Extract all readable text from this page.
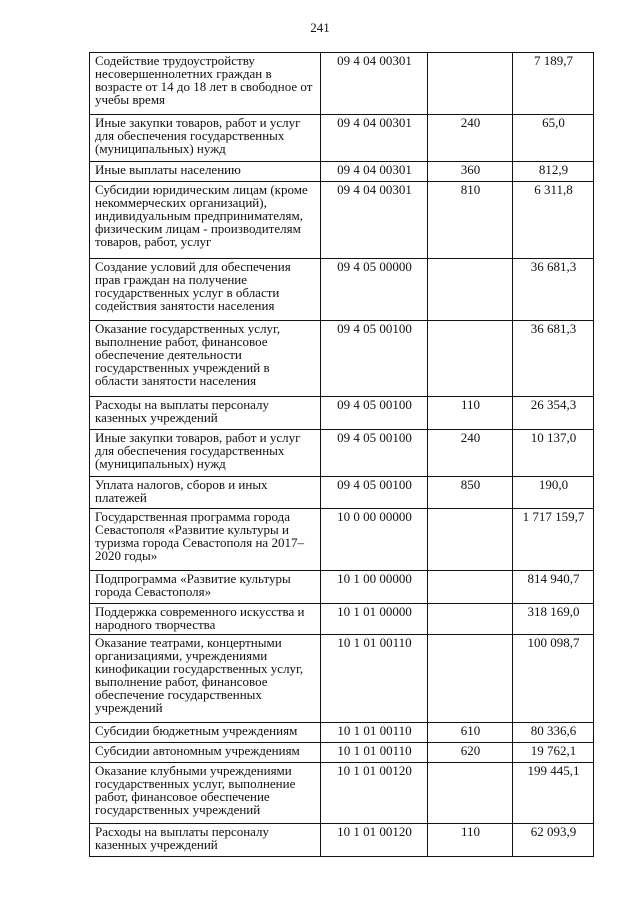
241
Содействие трудоустройству несовершеннолетних граждан в возрасте от 14 до 18 лет в свободное от учебы время	09 4 04 00301		7 189,7
Иные закупки товаров, работ и услуг для обеспечения государственных (муниципальных) нужд	09 4 04 00301	240	65,0
Иные выплаты населению	09 4 04 00301	360	812,9
Субсидии юридическим лицам (кроме некоммерческих организаций), индивидуальным предпринимателям, физическим лицам - производителям товаров, работ, услуг	09 4 04 00301	810	6 311,8
Создание условий для обеспечения прав граждан на получение государственных услуг в области содействия занятости населения	09 4 05 00000		36 681,3
Оказание государственных услуг, выполнение работ, финансовое обеспечение деятельности государственных учреждений в области занятости населения	09 4 05 00100		36 681,3
Расходы на выплаты персоналу казенных учреждений	09 4 05 00100	110	26 354,3
Иные закупки товаров, работ и услуг для обеспечения государственных (муниципальных) нужд	09 4 05 00100	240	10 137,0
Уплата налогов, сборов и иных платежей	09 4 05 00100	850	190,0
Государственная программа города Севастополя «Развитие культуры и туризма города Севастополя на 2017–2020 годы»	10 0 00 00000		1 717 159,7
Подпрограмма «Развитие культуры города Севастополя»	10 1 00 00000		814 940,7
Поддержка современного искусства и народного творчества	10 1 01 00000		318 169,0
Оказание театрами, концертными организациями, учреждениями кинофикации государственных услуг, выполнение работ, финансовое обеспечение государственных учреждений	10 1 01 00110		100 098,7
Субсидии бюджетным учреждениям	10 1 01 00110	610	80 336,6
Субсидии автономным учреждениям	10 1 01 00110	620	19 762,1
Оказание клубными учреждениями государственных услуг, выполнение работ, финансовое обеспечение государственных учреждений	10 1 01 00120		199 445,1
Расходы на выплаты персоналу казенных учреждений	10 1 01 00120	110	62 093,9
